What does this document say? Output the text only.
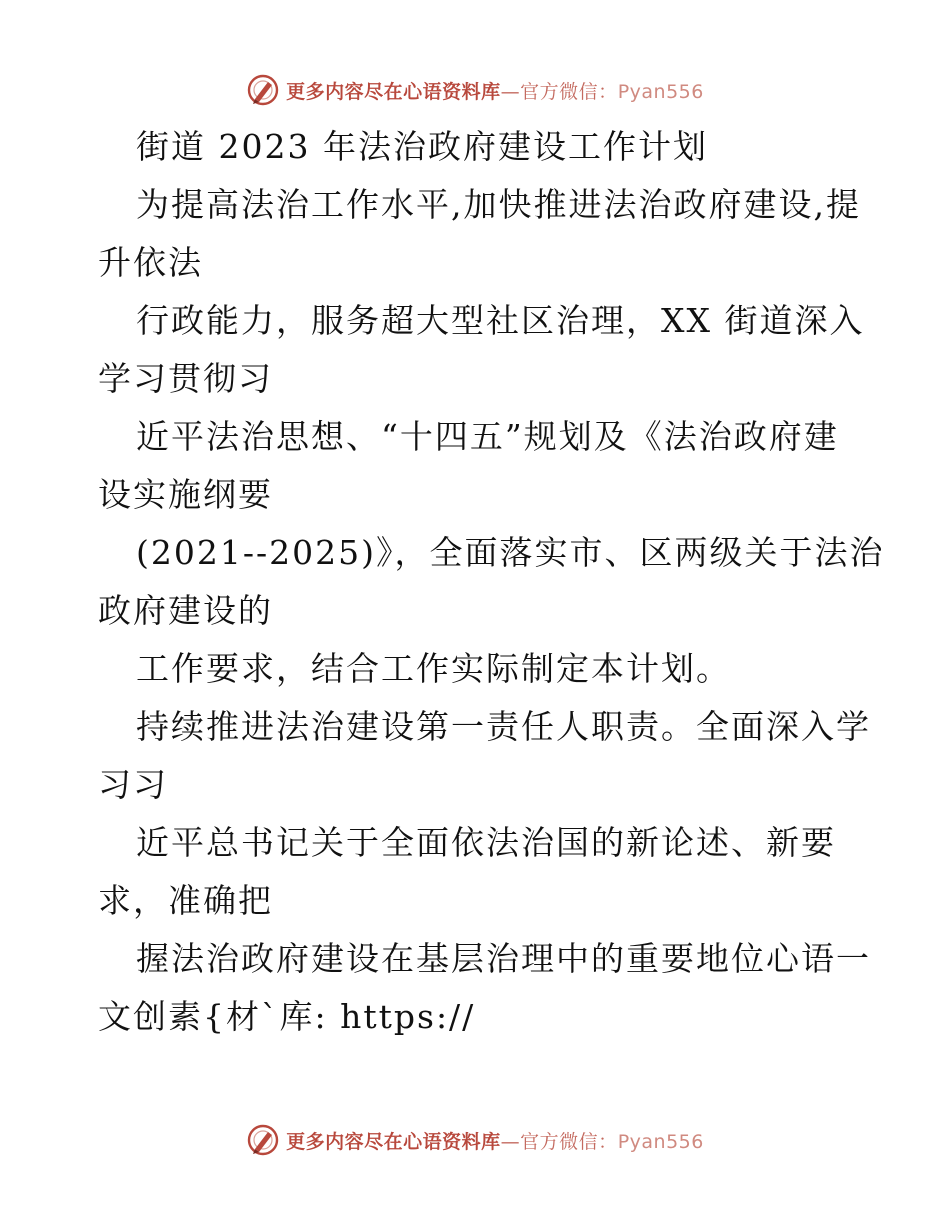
更多内容尽在心语资料库—官方微信：Pyan556

街道 2023 年法治政府建设工作计划

为提高法治工作水平,加快推进法治政府建设,提

升依法

行政能力，服务超大型社区治理，XX 街道深入

学习贯彻习

近平法治思想、“十四五”规划及《法治政府建

设实施纲要

(2021--2025)》，全面落实市、区两级关于法治

政府建设的

工作要求，结合工作实际制定本计划。

持续推进法治建设第一责任人职责。全面深入学

习习

近平总书记关于全面依法治国的新论述、新要

求，准确把

握法治政府建设在基层治理中的重要地位心语一

文创素{材`库: https://

更多内容尽在心语资料库—官方微信：Pyan556
